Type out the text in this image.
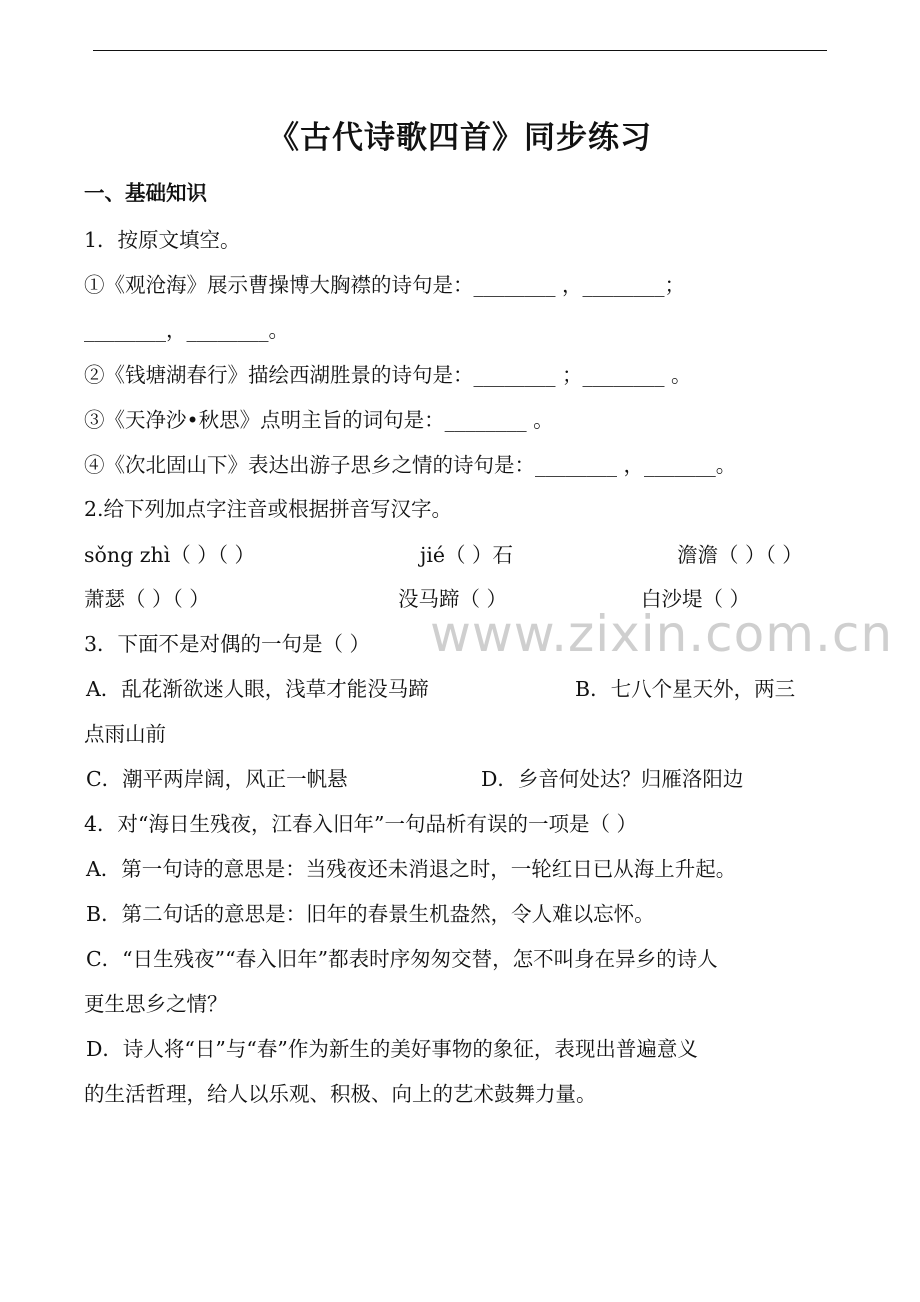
《古代诗歌四首》同步练习
一、基础知识
1．按原文填空。
①《观沧海》展示曹操博大胸襟的诗句是：________ ，________；
________，________。
②《钱塘湖春行》描绘西湖胜景的诗句是：________ ；________ 。
③《天净沙•秋思》点明主旨的词句是：________ 。
④《次北固山下》表达出游子思乡之情的诗句是：________ ，_______。
2.给下列加点字注音或根据拼音写汉字。
sǒng zhì（ ）（ ）	jié（ ）石	澹澹（ ）（ ）
萧瑟（ ）（ ）	没马蹄（ ）	白沙堤（ ）
www.zixin.com.cn
3．下面不是对偶的一句是（ ）
A．乱花渐欲迷人眼，浅草才能没马蹄	B．七八个星天外，两三
点雨山前
C．潮平两岸阔，风正一帆悬	D．乡音何处达？归雁洛阳边
4．对“海日生残夜，江春入旧年”一句品析有误的一项是（ ）
A．第一句诗的意思是：当残夜还未消退之时，一轮红日已从海上升起。
B．第二句话的意思是：旧年的春景生机盎然，令人难以忘怀。
C．“日生残夜”“春入旧年”都表时序匆匆交替，怎不叫身在异乡的诗人
更生思乡之情？
D．诗人将“日”与“春”作为新生的美好事物的象征，表现出普遍意义
的生活哲理，给人以乐观、积极、向上的艺术鼓舞力量。
